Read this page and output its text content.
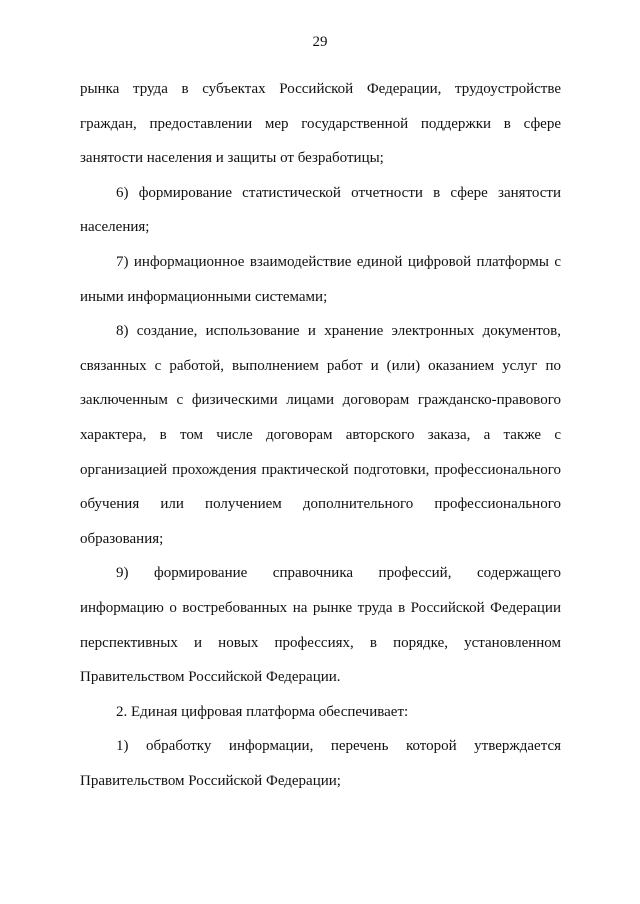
29

рынка труда в субъектах Российской Федерации, трудоустройстве граждан, предоставлении мер государственной поддержки в сфере занятости населения и защиты от безработицы;

6) формирование статистической отчетности в сфере занятости населения;

7) информационное взаимодействие единой цифровой платформы с иными информационными системами;

8) создание, использование и хранение электронных документов, связанных с работой, выполнением работ и (или) оказанием услуг по заключенным с физическими лицами договорам гражданско-правового характера, в том числе договорам авторского заказа, а также с организацией прохождения практической подготовки, профессионального обучения или получением дополнительного профессионального образования;

9) формирование справочника профессий, содержащего информацию о востребованных на рынке труда в Российской Федерации перспективных и новых профессиях, в порядке, установленном Правительством Российской Федерации.

2. Единая цифровая платформа обеспечивает:

1) обработку информации, перечень которой утверждается Правительством Российской Федерации;
